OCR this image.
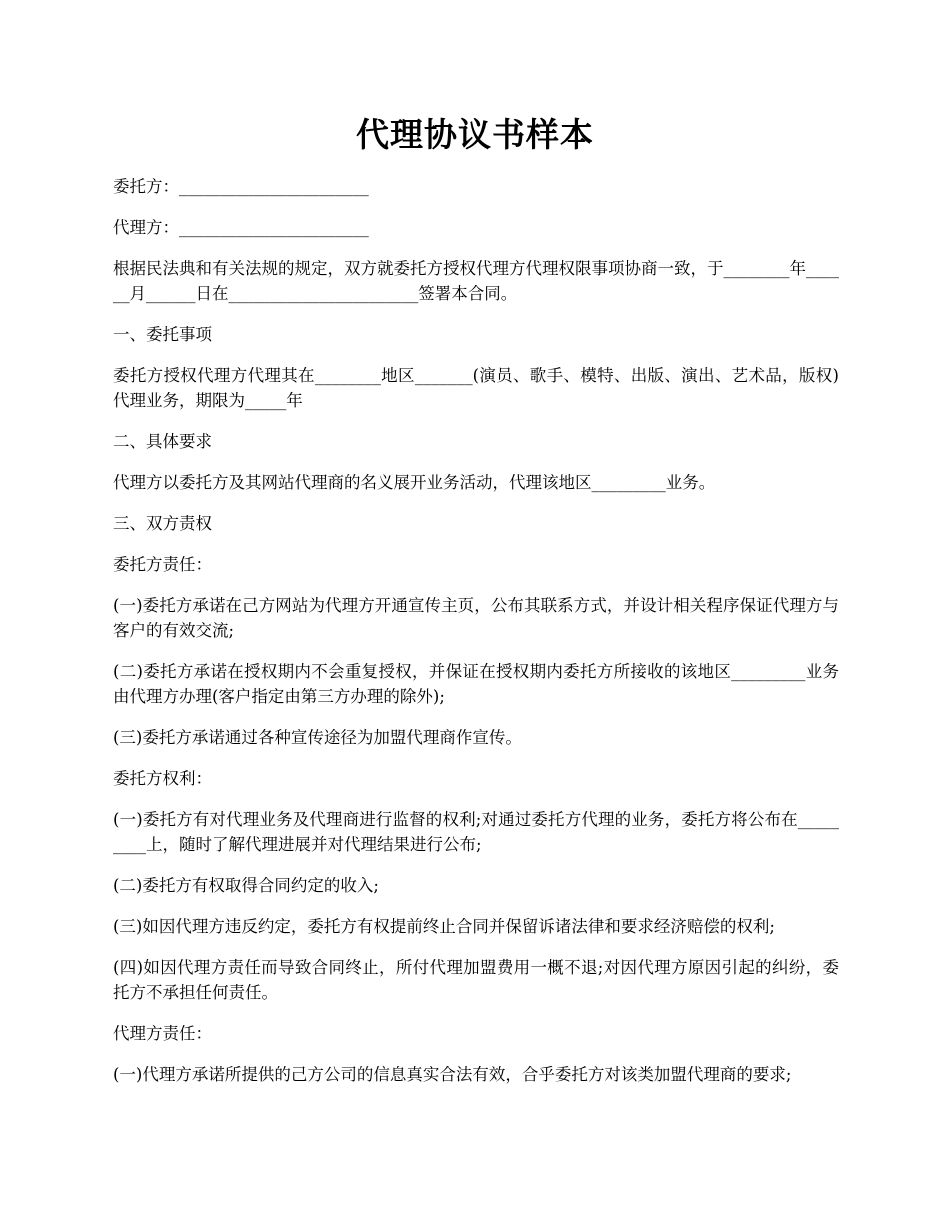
代理协议书样本

委托方：_______________________

代理方：_______________________

根据民法典和有关法规的规定，双方就委托方授权代理方代理权限事项协商一致，于________年______月______日在_______________________签署本合同。

一、委托事项

委托方授权代理方代理其在________地区_______(演员、歌手、模特、出版、演出、艺术品，版权)代理业务，期限为_____年

二、具体要求

代理方以委托方及其网站代理商的名义展开业务活动，代理该地区_________业务。

三、双方责权

委托方责任：

(一)委托方承诺在己方网站为代理方开通宣传主页，公布其联系方式，并设计相关程序保证代理方与客户的有效交流;

(二)委托方承诺在授权期内不会重复授权，并保证在授权期内委托方所接收的该地区_________业务由代理方办理(客户指定由第三方办理的除外);

(三)委托方承诺通过各种宣传途径为加盟代理商作宣传。

委托方权利：

(一)委托方有对代理业务及代理商进行监督的权利;对通过委托方代理的业务，委托方将公布在_________上，随时了解代理进展并对代理结果进行公布;

(二)委托方有权取得合同约定的收入;

(三)如因代理方违反约定，委托方有权提前终止合同并保留诉诸法律和要求经济赔偿的权利;

(四)如因代理方责任而导致合同终止，所付代理加盟费用一概不退;对因代理方原因引起的纠纷，委托方不承担任何责任。

代理方责任：

(一)代理方承诺所提供的己方公司的信息真实合法有效，合乎委托方对该类加盟代理商的要求;
